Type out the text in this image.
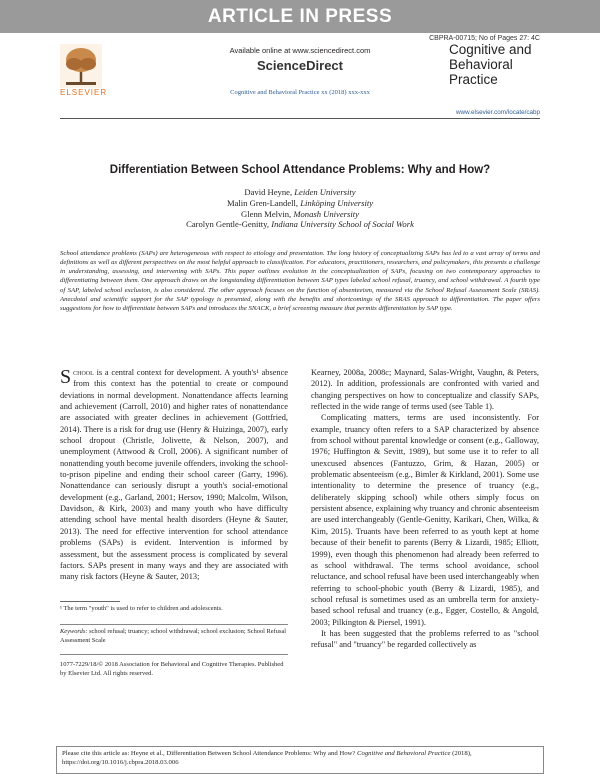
ARTICLE IN PRESS
CBPRA-00715; No of Pages 27: 4C
ELSEVIER
Available online at www.sciencedirect.com
ScienceDirect
Cognitive and Behavioral Practice xx (2018) xxx-xxx
Cognitive and
Behavioral
Practice
www.elsevier.com/locate/cabp
Differentiation Between School Attendance Problems: Why and How?
David Heyne, Leiden University
Malin Gren-Landell, Linköping University
Glenn Melvin, Monash University
Carolyn Gentle-Genitty, Indiana University School of Social Work
School attendance problems (SAPs) are heterogeneous with respect to etiology and presentation. The long history of conceptualizing SAPs has led to a vast array of terms and definitions as well as different perspectives on the most helpful approach to classification. For educators, practitioners, researchers, and policymakers, this presents a challenge in understanding, assessing, and intervening with SAPs. This paper outlines evolution in the conceptualization of SAPs, focusing on two contemporary approaches to differentiating between them. One approach draws on the longstanding differentiation between SAP types labeled school refusal, truancy, and school withdrawal. A fourth type of SAP, labeled school exclusion, is also considered. The other approach focuses on the function of absenteeism, measured via the School Refusal Assessment Scale (SRAS). Anecdotal and scientific support for the SAP typology is presented, along with the benefits and shortcomings of the SRAS approach to differentiation. The paper offers suggestions for how to differentiate between SAPs and introduces the SNACK, a brief screening measure that permits differentiation by SAP type.

School is a central context for development. A youth's¹ absence from this context has the potential to create or compound deviations in normal development. Nonattendance affects learning and achievement (Carroll, 2010) and higher rates of nonattendance are associated with greater declines in achievement (Gottfried, 2014). There is a risk for drug use (Henry & Huizinga, 2007), early school dropout (Christle, Jolivette, & Nelson, 2007), and unemployment (Attwood & Croll, 2006). A significant number of nonattending youth become juvenile offenders, invoking the school-to-prison pipeline and ending their school career (Garry, 1996). Nonattendance can seriously disrupt a youth's social-emotional development (e.g., Garland, 2001; Hersov, 1990; Malcolm, Wilson, Davidson, & Kirk, 2003) and many youth who have difficulty attending school have mental health disorders (Heyne & Sauter, 2013). The need for effective intervention for school attendance problems (SAPs) is evident. Intervention is informed by assessment, but the assessment process is complicated by several factors. SAPs present in many ways and they are associated with many risk factors (Heyne & Sauter, 2013;

¹ The term "youth" is used to refer to children and adolescents.
Keywords: school refusal; truancy; school withdrawal; school exclusion; School Refusal Assessment Scale
1077-7229/18/© 2018 Association for Behavioral and Cognitive Therapies. Published by Elsevier Ltd. All rights reserved.

Kearney, 2008a, 2008c; Maynard, Salas-Wright, Vaughn, & Peters, 2012). In addition, professionals are confronted with varied and changing perspectives on how to conceptualize and classify SAPs, reflected in the wide range of terms used (see Table 1).

Complicating matters, terms are used inconsistently. For example, truancy often refers to a SAP characterized by absence from school without parental knowledge or consent (e.g., Galloway, 1976; Huffington & Sevitt, 1989), but some use it to refer to all unexcused absences (Fantuzzo, Grim, & Hazan, 2005) or problematic absenteeism (e.g., Bimler & Kirkland, 2001). Some use intentionality to determine the presence of truancy (e.g., deliberately skipping school) while others simply focus on persistent absence, explaining why truancy and chronic absenteeism are used interchangeably (Gentle-Genitty, Karikari, Chen, Wilka, & Kim, 2015). Truants have been referred to as youth kept at home because of their benefit to parents (Berry & Lizardi, 1985; Elliott, 1999), even though this phenomenon had already been referred to as school withdrawal. The terms school avoidance, school reluctance, and school refusal have been used interchangeably when referring to school-phobic youth (Berry & Lizardi, 1985), and school refusal is sometimes used as an umbrella term for anxiety-based school refusal and truancy (e.g., Egger, Costello, & Angold, 2003; Pilkington & Piersel, 1991).

It has been suggested that the problems referred to as "school refusal" and "truancy" be regarded collectively as

Please cite this article as: Heyne et al., Differentiation Between School Attendance Problems: Why and How? Cognitive and Behavioral Practice (2018), https://doi.org/10.1016/j.cbpra.2018.03.006
